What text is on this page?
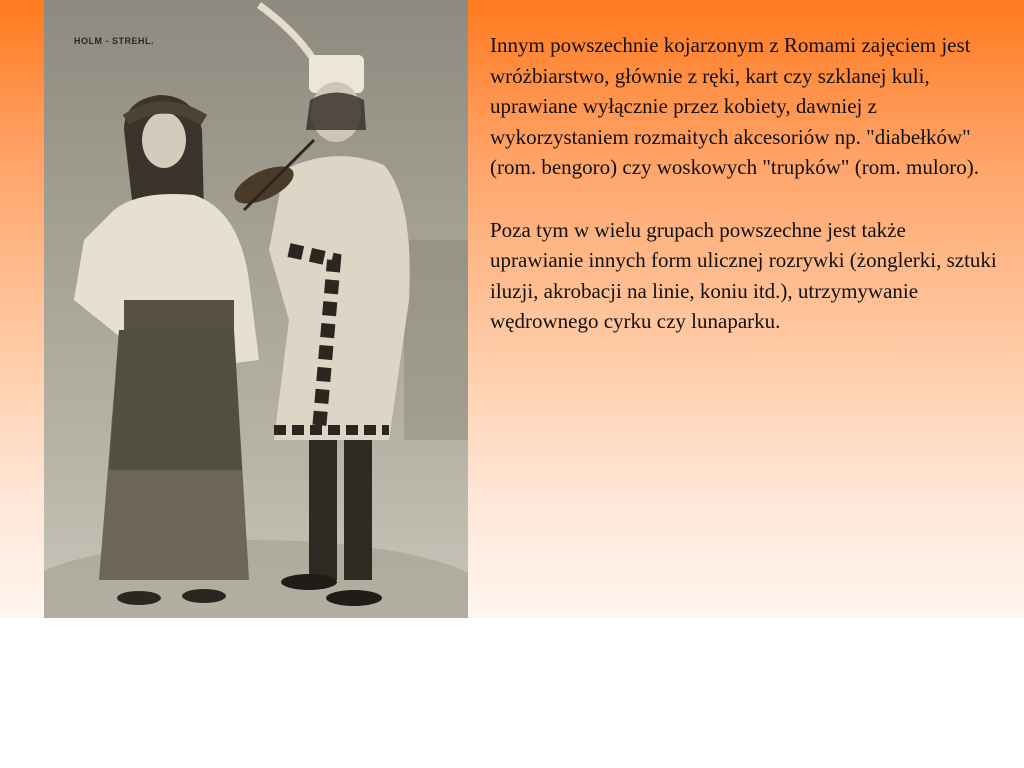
HOLM - STREHL.	Innym powszechnie kojarzonym z Romami zajęciem jest wróżbiarstwo, głównie z ręki, kart czy szklanej kuli, uprawiane wyłącznie przez kobiety, dawniej z wykorzystaniem rozmaitych akcesoriów np. "diabełków" (rom. bengoro) czy woskowych "trupków" (rom. muloro).

Poza tym w wielu grupach powszechne jest także uprawianie innych form ulicznej rozrywki (żonglerki, sztuki iluzji, akrobacji na linie, koniu itd.), utrzymywanie wędrownego cyrku czy lunaparku.
